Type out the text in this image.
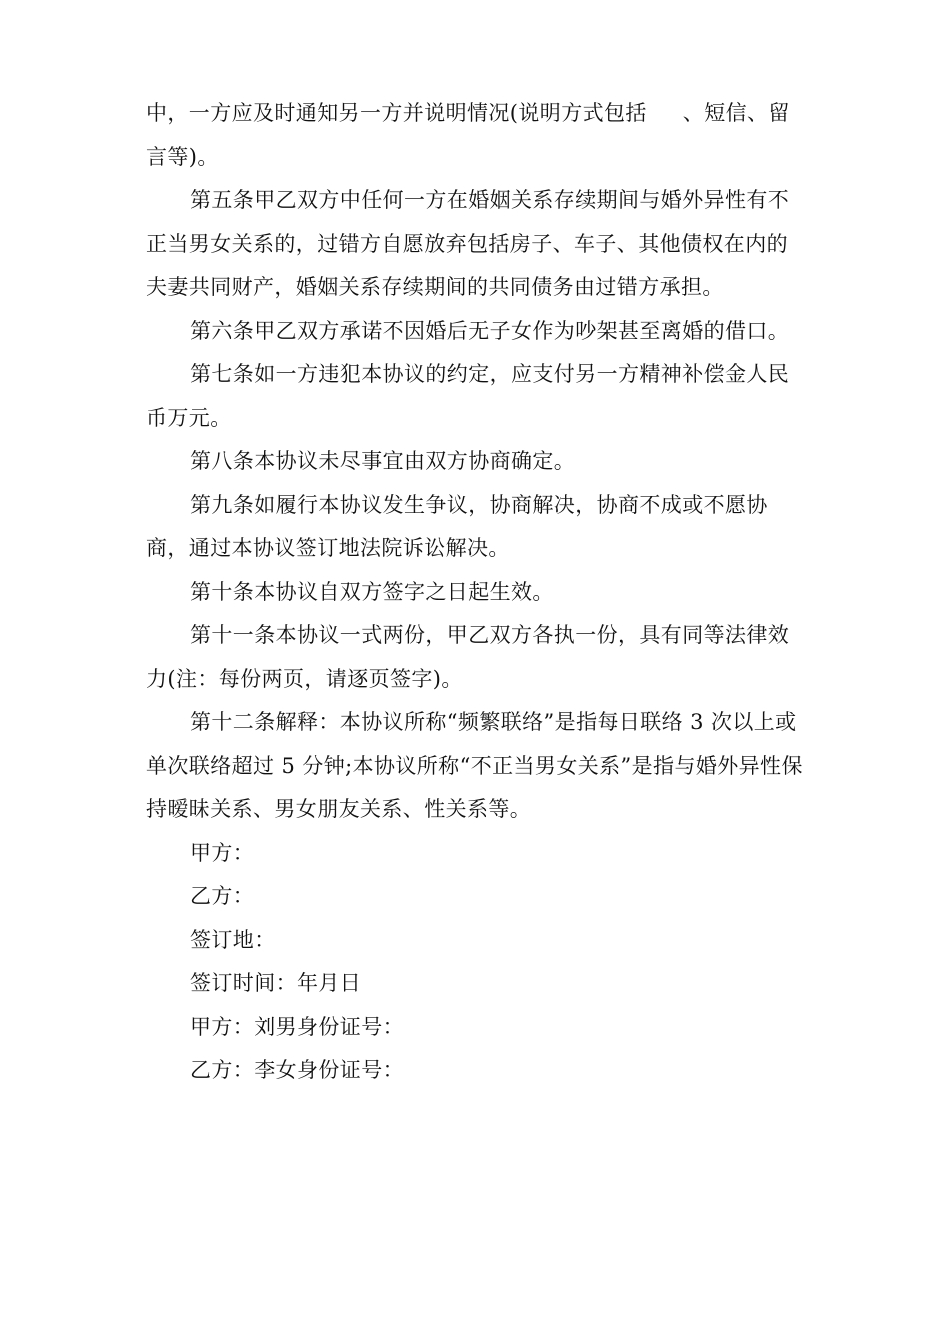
中，一方应及时通知另一方并说明情况(说明方式包括 、短信、留言等)。

第五条甲乙双方中任何一方在婚姻关系存续期间与婚外异性有不正当男女关系的，过错方自愿放弃包括房子、车子、其他债权在内的夫妻共同财产，婚姻关系存续期间的共同债务由过错方承担。

第六条甲乙双方承诺不因婚后无子女作为吵架甚至离婚的借口。

第七条如一方违犯本协议的约定，应支付另一方精神补偿金人民币万元。

第八条本协议未尽事宜由双方协商确定。

第九条如履行本协议发生争议，协商解决，协商不成或不愿协商，通过本协议签订地法院诉讼解决。

第十条本协议自双方签字之日起生效。

第十一条本协议一式两份，甲乙双方各执一份，具有同等法律效力(注：每份两页，请逐页签字)。

第十二条解释：本协议所称“频繁联络”是指每日联络 3 次以上或单次联络超过 5 分钟;本协议所称“不正当男女关系”是指与婚外异性保持暧昧关系、男女朋友关系、性关系等。

甲方：

乙方：

签订地：

签订时间：年月日

甲方：刘男身份证号：

乙方：李女身份证号：
